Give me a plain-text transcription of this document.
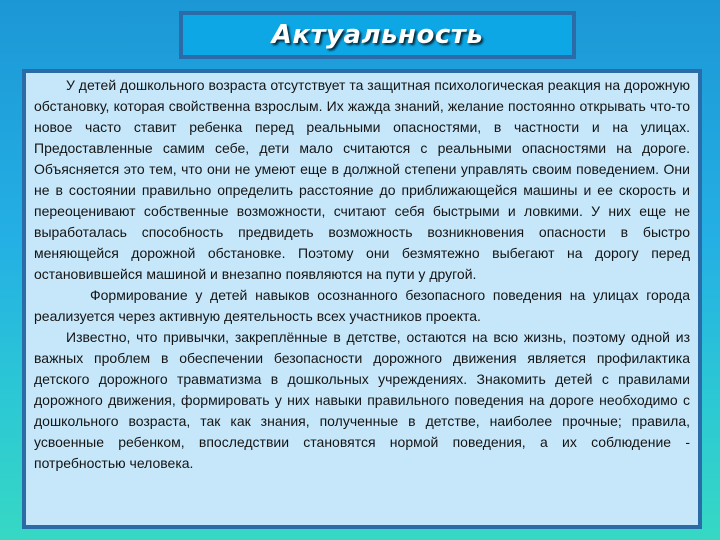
Актуальность

У детей дошкольного возраста отсутствует та защитная психологическая реакция на дорожную обстановку, которая свойственна взрослым. Их жажда знаний, желание постоянно открывать что-то новое часто ставит ребенка перед реальными опасностями, в частности и на улицах. Предоставленные самим себе, дети мало считаются с реальными опасностями на дороге. Объясняется это тем, что они не умеют еще в должной степени управлять своим поведением. Они не в состоянии правильно определить расстояние до приближающейся машины и ее скорость и переоценивают собственные возможности, считают себя быстрыми и ловкими. У них еще не выработалась способность предвидеть возможность возникновения опасности в быстро меняющейся дорожной обстановке. Поэтому они безмятежно выбегают на дорогу перед остановившейся машиной и внезапно появляются на пути у другой.

Формирование у детей навыков осознанного безопасного поведения на улицах города реализуется через активную деятельность всех участников проекта.

Известно, что привычки, закреплённые в детстве, остаются на всю жизнь, поэтому одной из важных проблем в обеспечении безопасности дорожного движения является профилактика детского дорожного травматизма в дошкольных учреждениях. Знакомить детей с правилами дорожного движения, формировать у них навыки правильного поведения на дороге необходимо с дошкольного возраста, так как знания, полученные в детстве, наиболее прочные; правила, усвоенные ребенком, впоследствии становятся нормой поведения, а их соблюдение - потребностью человека.
